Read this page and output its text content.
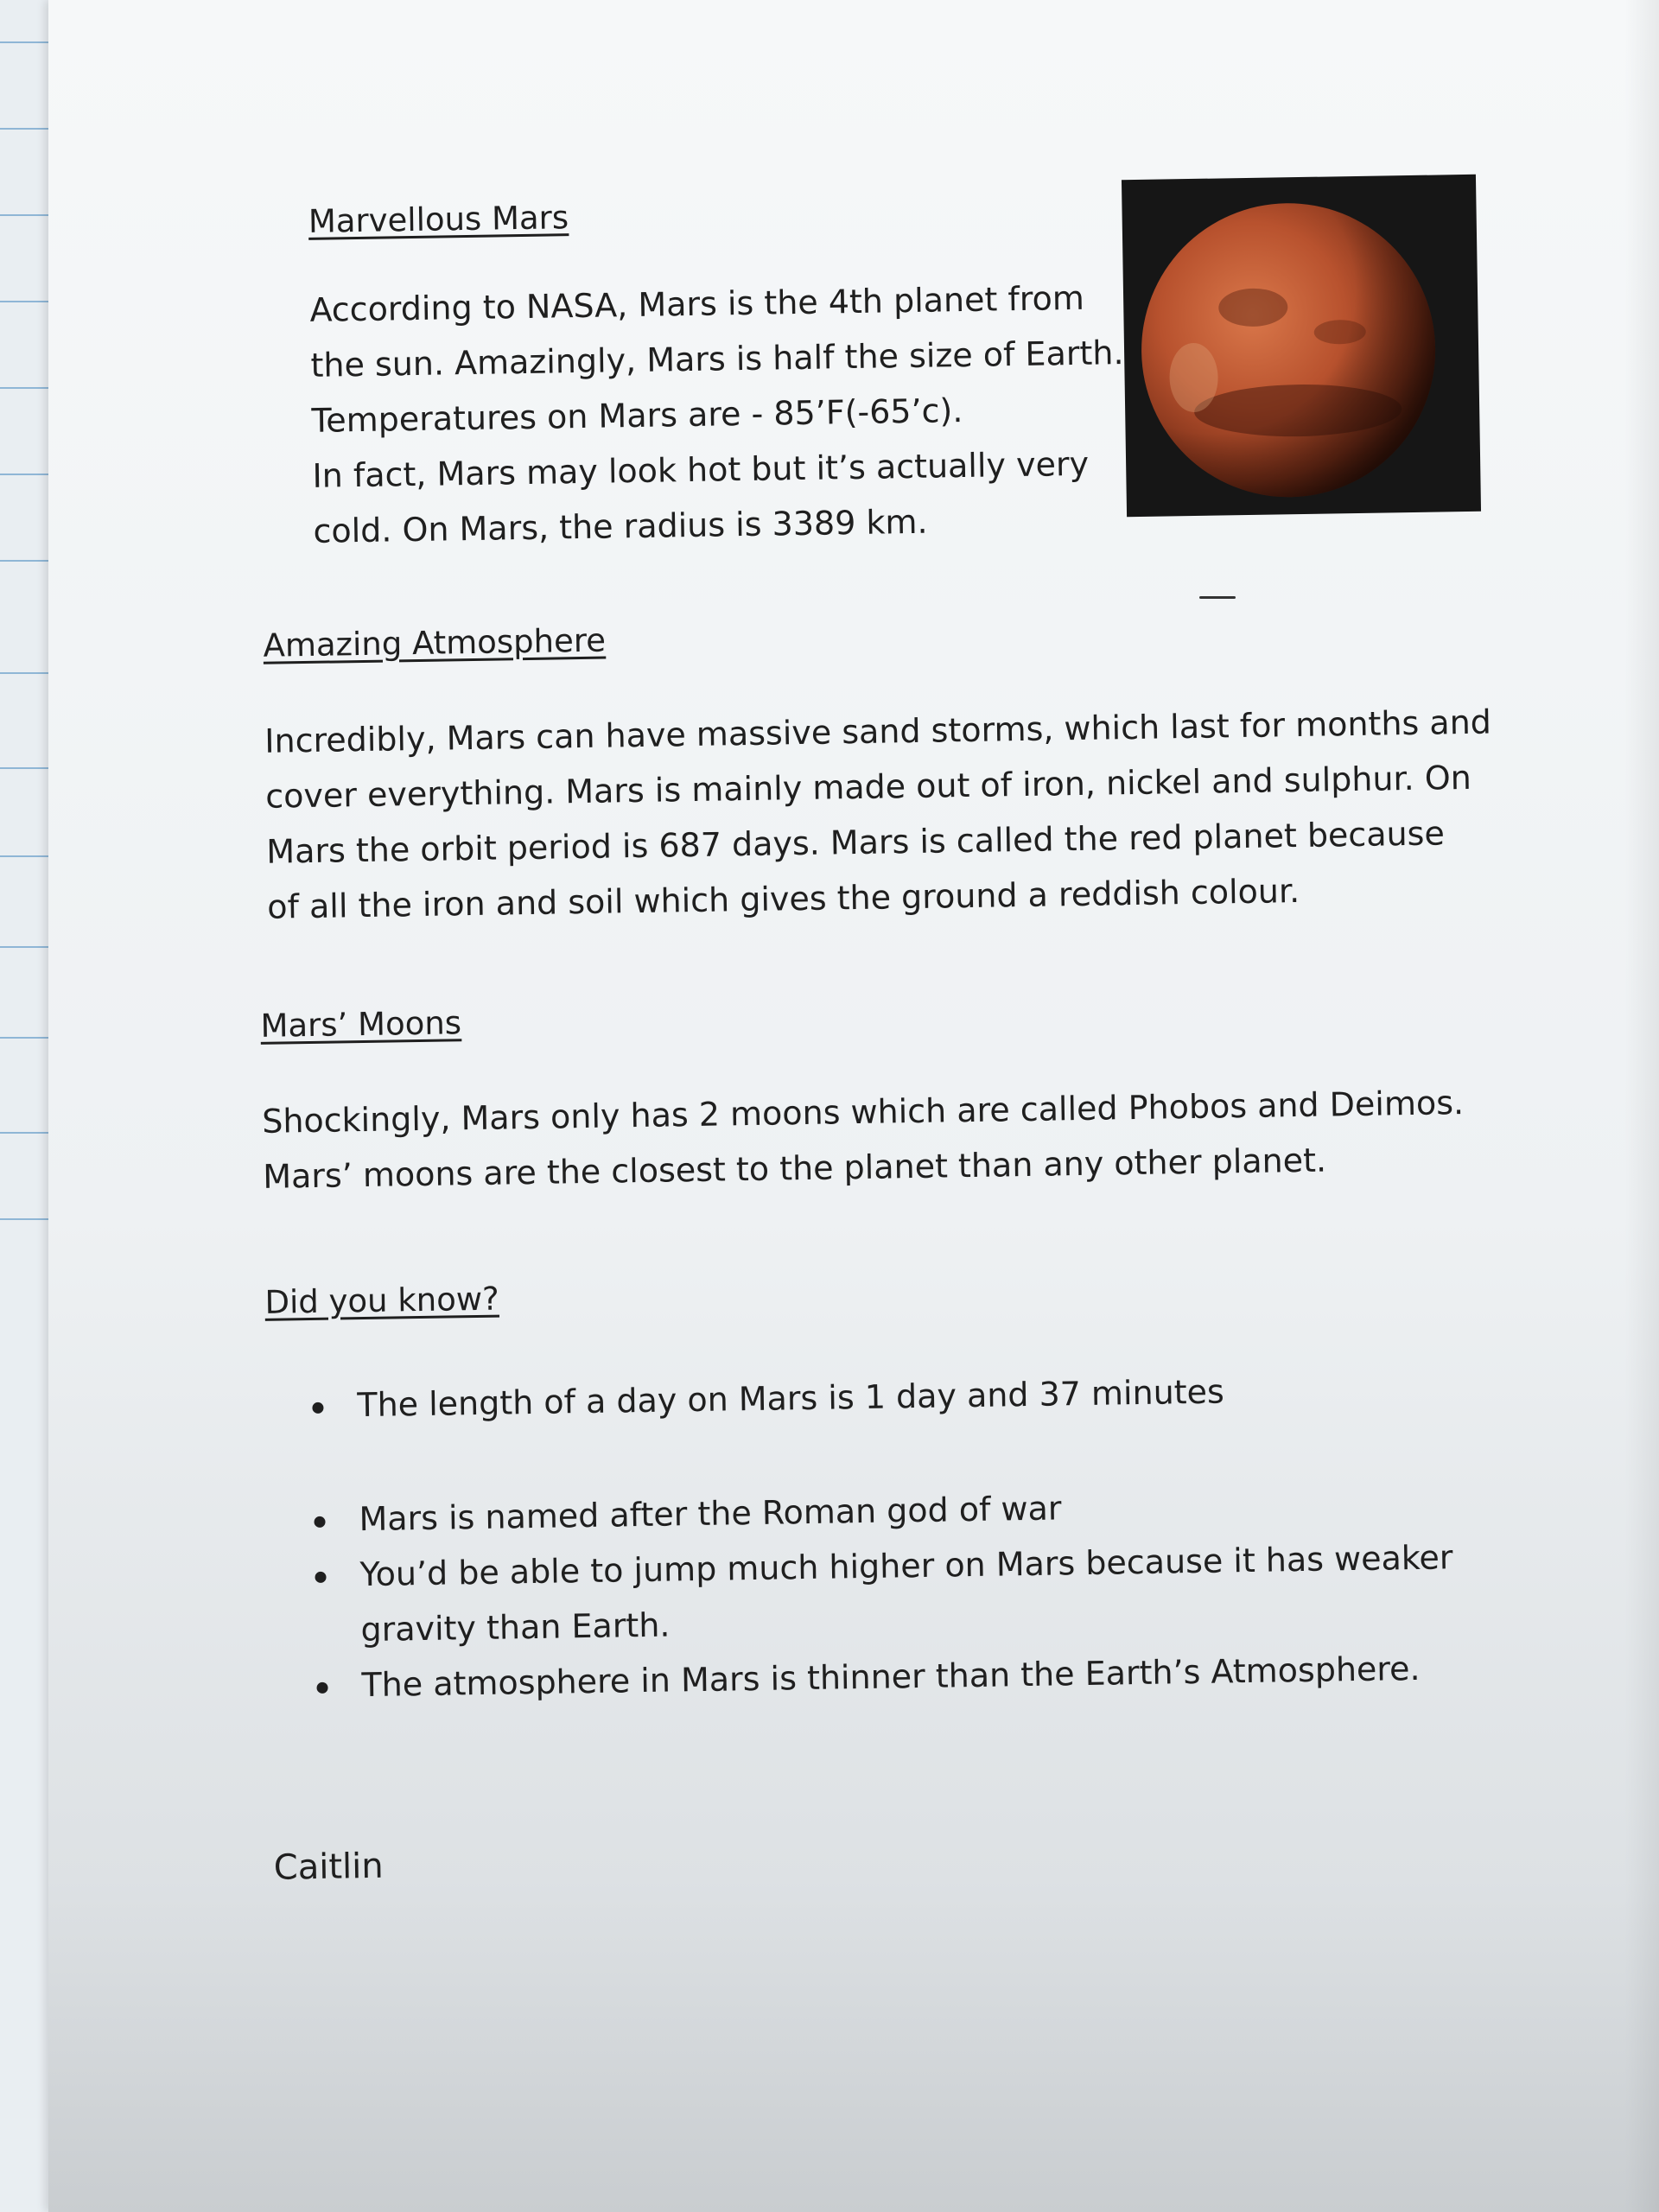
Marvellous Mars

According to NASA, Mars is the 4th planet from
the sun. Amazingly, Mars is half the size of Earth.
Temperatures on Mars are - 85’F(-65’c).
In fact, Mars may look hot but it’s actually very
cold. On Mars, the radius is 3389 km.

Amazing Atmosphere

Incredibly, Mars can have massive sand storms, which last for months and
cover everything. Mars is mainly made out of iron, nickel and sulphur. On
Mars the orbit period is 687 days. Mars is called the red planet because
of all the iron and soil which gives the ground a reddish colour.

Mars’ Moons

Shockingly, Mars only has 2 moons which are called Phobos and Deimos.
Mars’ moons are the closest to the planet than any other planet.

Did you know?
The length of a day on Mars is 1 day and 37 minutes
Mars is named after the Roman god of war
You’d be able to jump much higher on Mars because it has weaker gravity than Earth.
The atmosphere in Mars is thinner than the Earth’s Atmosphere.
Caitlin
